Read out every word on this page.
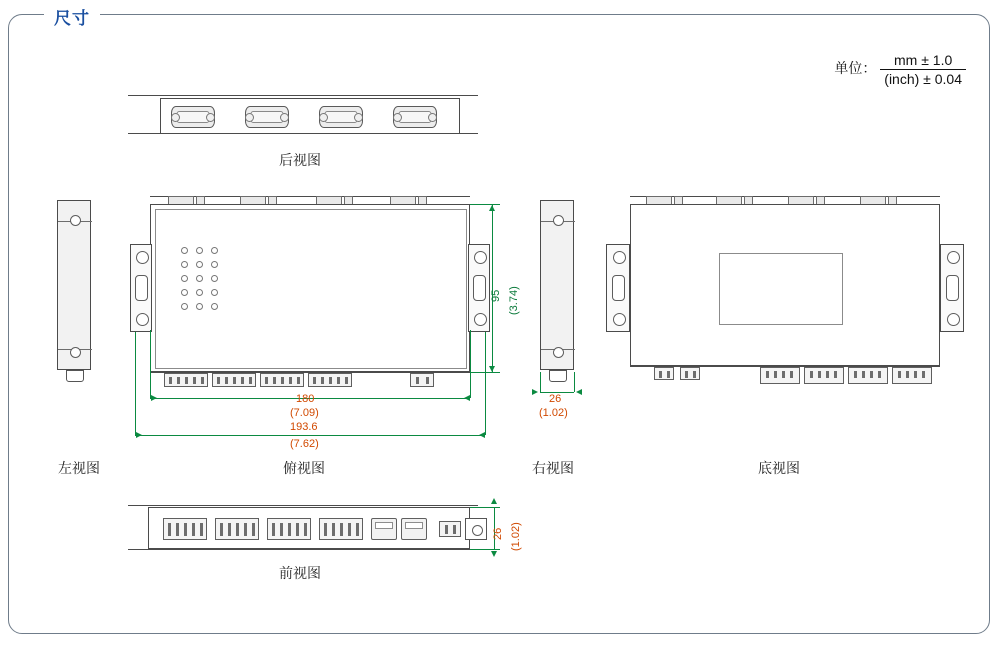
尺寸
单位： $\frac{mm \pm 1.0}{\text{(inch) ± 0.04}}$
后视图
左视图	俯视图
95 (3.74)
180
(7.09)
193.6
(7.62)
26
(1.02)
右视图	底视图
26 (1.02)
前视图
